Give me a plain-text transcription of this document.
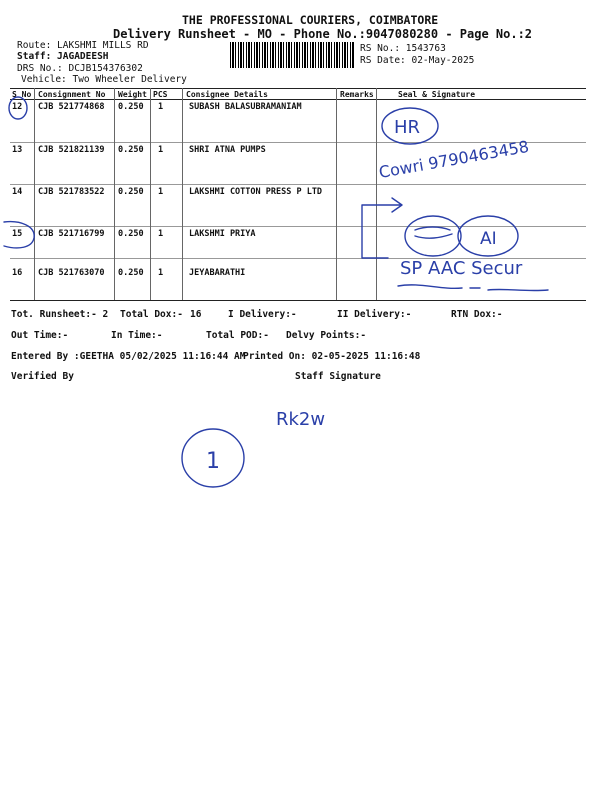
THE PROFESSIONAL COURIERS, COIMBATORE
Delivery Runsheet - MO - Phone No.:9047080280 - Page No.:2
Route: LAKSHMI MILLS RD
Staff: JAGADEESH
DRS No.: DCJB154376302
Vehicle: Two Wheeler Delivery
RS No.: 1543763
RS Date: 02-May-2025
S No Consignment No Weight PCS Consignee Details	Remarks	Seal & Signature
12 CJB 521774868 0.250 1	SUBASH BALASUBRAMANIAM
13 CJB 521821139 0.250 1	SHRI ATNA PUMPS
14 CJB 521783522 0.250 1	LAKSHMI COTTON PRESS P LTD
15 CJB 521716799 0.250 1	LAKSHMI PRIYA
16 CJB 521763070 0.250 1	JEYABARATHI
Tot. Runsheet:- 2 Total Dox:- 16	I Delivery:-	II Delivery:-	RTN Dox:-
Out Time:-	In Time:-	Total POD:- Delvy Points:-
Entered By :GEETHA 05/02/2025 11:16:44 AM
Printed On: 02-05-2025 11:16:48
Verified By	Staff Signature
HR
Cowri 9790463458
AI
SP AAC Secur
Rk2w
1
